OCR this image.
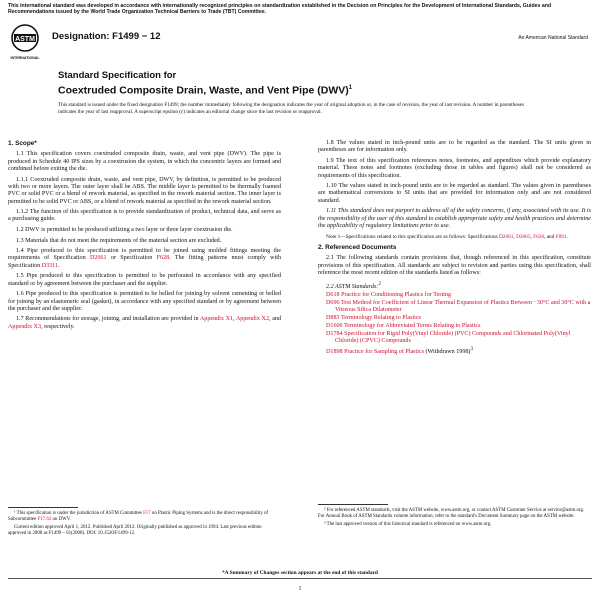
This international standard was developed in accordance with internationally recognized principles on standardization established in the Decision on Principles for the Development of International Standards, Guides and Recommendations issued by the World Trade Organization Technical Barriers to Trade (TBT) Committee.
ASTM
INTERNATIONAL
Designation: F1499 − 12	An American National Standard
Standard Specification for
Coextruded Composite Drain, Waste, and Vent Pipe (DWV)$^1$
This standard is issued under the fixed designation F1499; the number immediately following the designation indicates the year of original adoption or, in the case of revision, the year of last revision. A number in parentheses indicates the year of last reapproval. A superscript epsilon (ε) indicates an editorial change since the last revision or reapproval.
1. Scope*

1.1 This specification covers coextruded composite drain, waste, and vent pipe (DWV). The pipe is produced in Schedule 40 IPS sizes by a coextrusion die system, in which the concentric layers are formed and combined before exiting the die.

1.1.1 Coextruded composite drain, waste, and vent pipe, DWV, by definition, is permitted to be produced with two or more layers. The outer layer shall be ABS. The middle layer is permitted to be thermally foamed PVC or solid PVC or a blend of rework material, as specified in the rework material section. The inner layer is permitted to be solid PVC or ABS, or a blend of rework material as specified in the rework material section.

1.1.2 The function of this specification is to provide standardization of product, technical data, and serve as a purchasing guide.

1.2 DWV is permitted to be produced utilizing a two layer or three layer coextrusion die.

1.3 Materials that do not meet the requirements of the material section are excluded.

1.4 Pipe produced to this specification is permitted to be joined using molded fittings meeting the requirements of Specification D2661 or Specification F628. The fitting patterns must comply with Specification D3311.

1.5 Pipe produced to this specification is permitted to be perforated in accordance with any specified standard or by agreement between the purchaser and the supplier.

1.6 Pipe produced to this specification is permitted to be belled for joining by solvent cementing or belled for joining by an elastomeric seal (gasket), in accordance with any specified standard or by agreement between the purchaser and the supplier.

1.7 Recommendations for storage, joining, and installation are provided in Appendix X1, Appendix X2, and Appendix X3, respectively.

¹ This specification is under the jurisdiction of ASTM Committee F17 on Plastic Piping Systems and is the direct responsibility of Subcommittee F17.63 on DWV.

Current edition approved April 1, 2012. Published April 2012. Originally published as approved in 1994. Last previous edition approved in 2008 as F1499 – 01(2008). DOI: 10.1520/F1499-12.

1.8 The values stated in inch-pound units are to be regarded as the standard. The SI units given in parentheses are for information only.

1.9 The text of this specification references notes, footnotes, and appendixes which provide explanatory material. These notes and footnotes (excluding those in tables and figures) shall not be considered as requirements of this specification.

1.10 The values stated in inch-pound units are to be regarded as standard. The values given in parentheses are mathematical conversions to SI units that are provided for information only and are not considered standard.

1.11 This standard does not purport to address all of the safety concerns, if any, associated with its use. It is the responsibility of the user of this standard to establish appropriate safety and health practices and determine the applicability of regulatory limitations prior to use.

Note 1—Specifications related to this specification are as follows: Specifications D2661, D2665, F628, and F891.

2. Referenced Documents

2.1 The following standards contain provisions that, though referenced in this specification, constitute provisions of this specification. All standards are subject to revision and parties using this specification, shall reference the most recent edition of the standards listed as follows:

2.2 ASTM Standards:$^2$

D618 Practice for Conditioning Plastics for Testing
D696 Test Method for Coefficient of Linear Thermal Expansion of Plastics Between −30°C and 30°C with a Vitreous Silica Dilatometer
D883 Terminology Relating to Plastics
D1600 Terminology for Abbreviated Terms Relating to Plastics
D1784 Specification for Rigid Poly(Vinyl Chloride) (PVC) Compounds and Chlorinated Poly(Vinyl Chloride) (CPVC) Compounds
D1898 Practice for Sampling of Plastics (Withdrawn 1998)$^3$

² For referenced ASTM standards, visit the ASTM website, www.astm.org, or contact ASTM Customer Service at service@astm.org. For Annual Book of ASTM Standards volume information, refer to the standard's Document Summary page on the ASTM website.

³ The last approved version of this historical standard is referenced on www.astm.org.

*A Summary of Changes section appears at the end of this standard
1
